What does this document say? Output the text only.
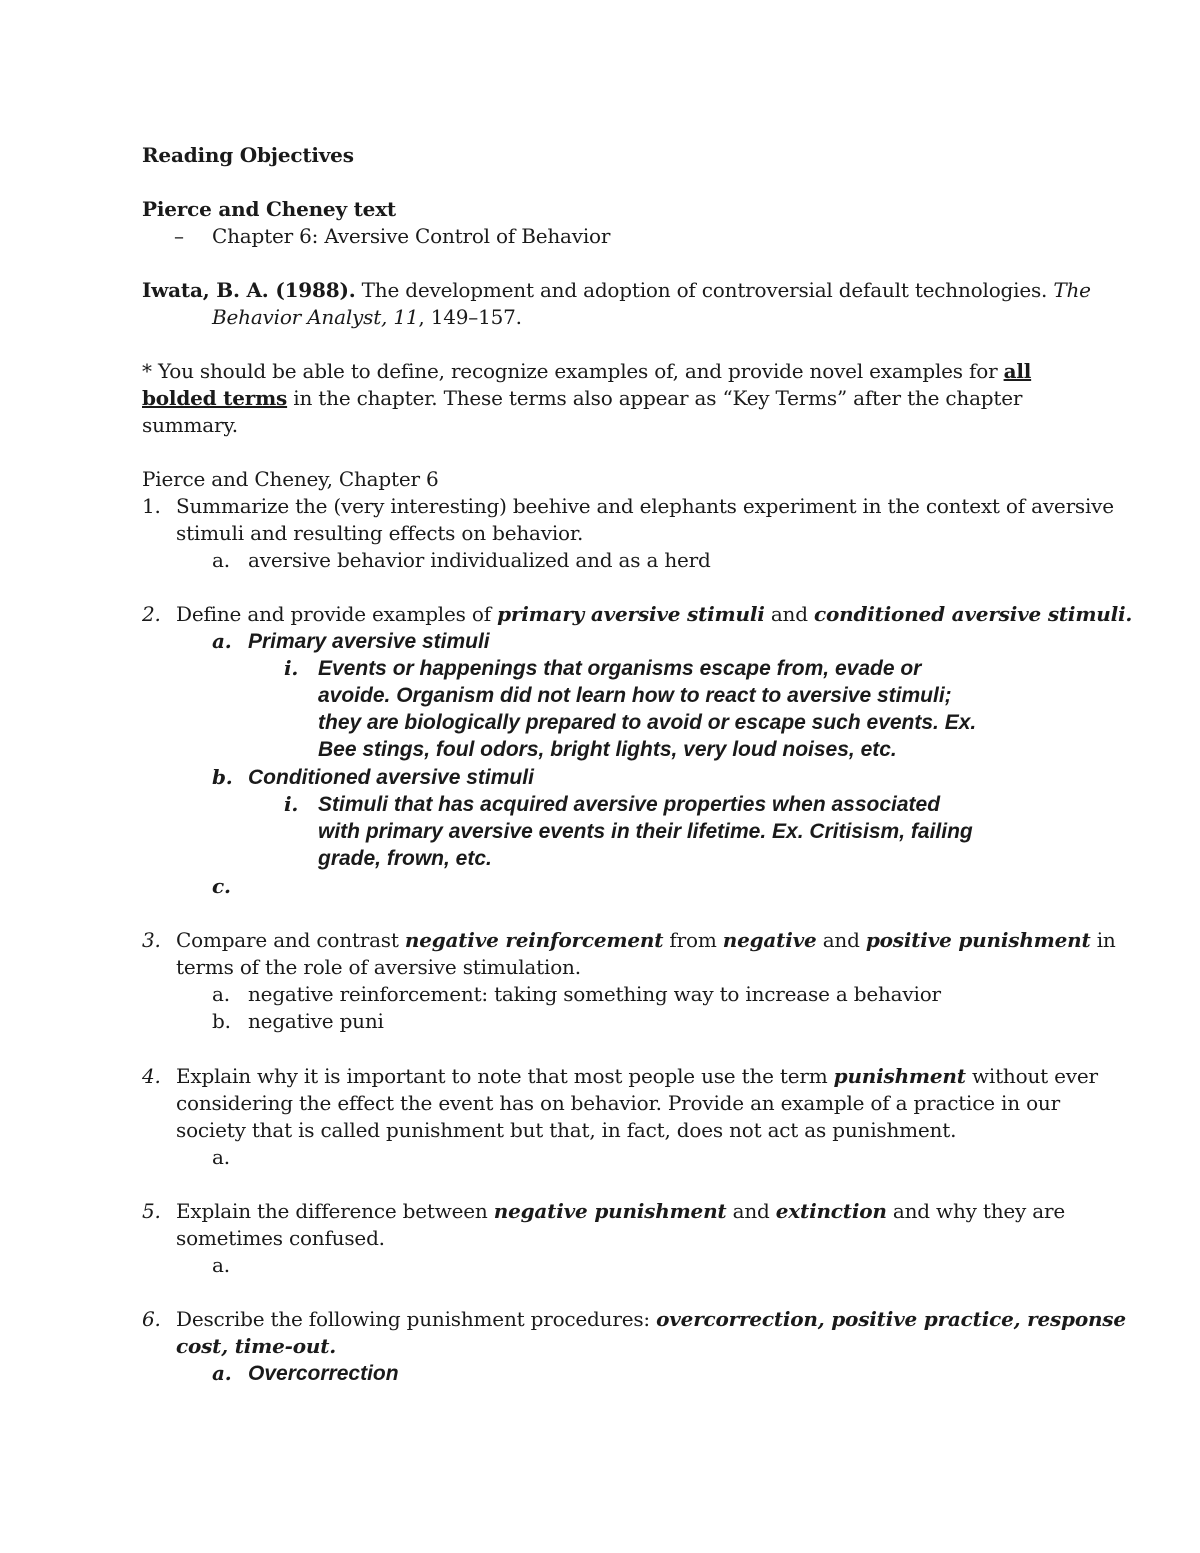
Reading Objectives
Pierce and Cheney text
– Chapter 6: Aversive Control of Behavior
Iwata, B. A. (1988). The development and adoption of controversial default technologies. The
Behavior Analyst, 11, 149–157.
* You should be able to define, recognize examples of, and provide novel examples for all
bolded terms in the chapter. These terms also appear as “Key Terms” after the chapter
summary.
Pierce and Cheney, Chapter 6
1. Summarize the (very interesting) beehive and elephants experiment in the context of aversive
stimuli and resulting effects on behavior.
a. aversive behavior individualized and as a herd
2. Define and provide examples of primary aversive stimuli and conditioned aversive stimuli.
a. Primary aversive stimuli
i. Events or happenings that organisms escape from, evade or
avoide. Organism did not learn how to react to aversive stimuli;
they are biologically prepared to avoid or escape such events. Ex.
Bee stings, foul odors, bright lights, very loud noises, etc.
b. Conditioned aversive stimuli
i. Stimuli that has acquired aversive properties when associated
with primary aversive events in their lifetime. Ex. Critisism, failing
grade, frown, etc.
c.
3. Compare and contrast negative reinforcement from negative and positive punishment in
terms of the role of aversive stimulation.
a. negative reinforcement: taking something way to increase a behavior
b. negative puni
4. Explain why it is important to note that most people use the term punishment without ever
considering the effect the event has on behavior. Provide an example of a practice in our
society that is called punishment but that, in fact, does not act as punishment.
a.
5. Explain the difference between negative punishment and extinction and why they are
sometimes confused.
a.
6. Describe the following punishment procedures: overcorrection, positive practice, response
cost, time-out.
a. Overcorrection
